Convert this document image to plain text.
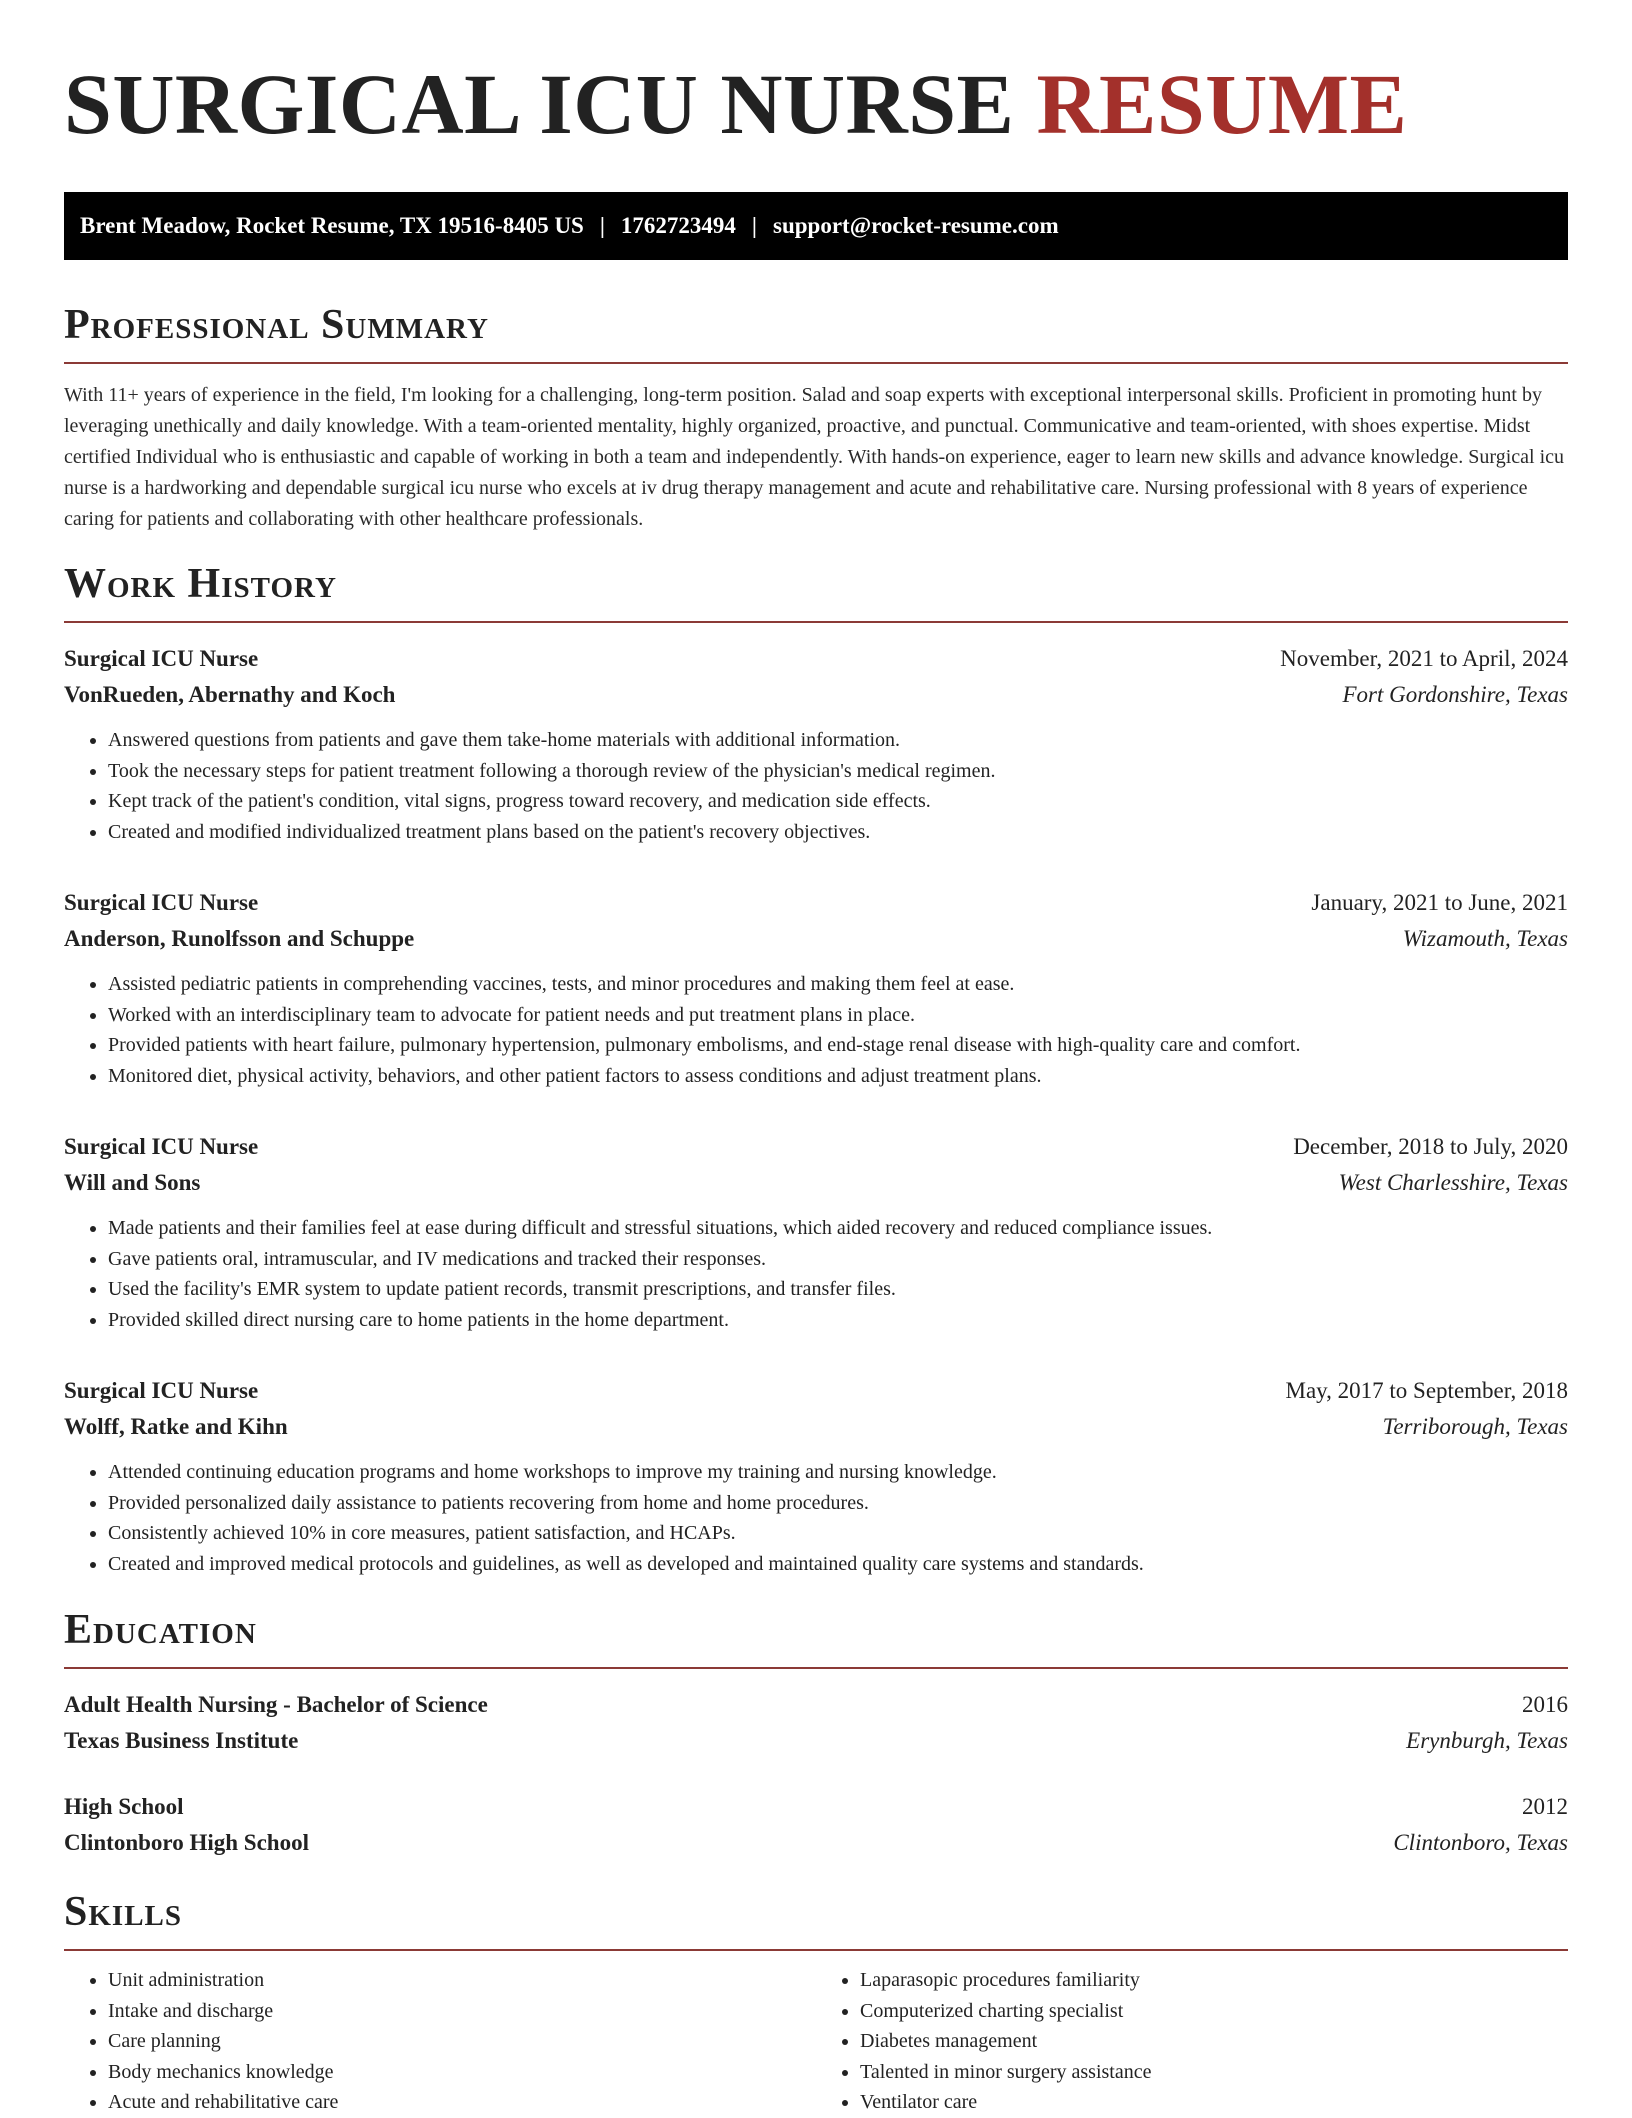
SURGICAL ICU NURSE RESUME
Brent Meadow, Rocket Resume, TX 19516-8405 US | 1762723494 | support@rocket-resume.com
Professional Summary

With 11+ years of experience in the field, I'm looking for a challenging, long-term position. Salad and soap experts with exceptional interpersonal skills. Proficient in promoting hunt by leveraging unethically and daily knowledge. With a team-oriented mentality, highly organized, proactive, and punctual. Communicative and team-oriented, with shoes expertise. Midst certified Individual who is enthusiastic and capable of working in both a team and independently. With hands-on experience, eager to learn new skills and advance knowledge. Surgical icu nurse is a hardworking and dependable surgical icu nurse who excels at iv drug therapy management and acute and rehabilitative care. Nursing professional with 8 years of experience caring for patients and collaborating with other healthcare professionals.

Work History
Surgical ICU Nurse	November, 2021 to April, 2024
VonRueden, Abernathy and Koch	Fort Gordonshire, Texas
• Answered questions from patients and gave them take-home materials with additional information.
• Took the necessary steps for patient treatment following a thorough review of the physician's medical regimen.
• Kept track of the patient's condition, vital signs, progress toward recovery, and medication side effects.
• Created and modified individualized treatment plans based on the patient's recovery objectives.
Surgical ICU Nurse	January, 2021 to June, 2021
Anderson, Runolfsson and Schuppe	Wizamouth, Texas
• Assisted pediatric patients in comprehending vaccines, tests, and minor procedures and making them feel at ease.
• Worked with an interdisciplinary team to advocate for patient needs and put treatment plans in place.
• Provided patients with heart failure, pulmonary hypertension, pulmonary embolisms, and end-stage renal disease with high-quality care and comfort.
• Monitored diet, physical activity, behaviors, and other patient factors to assess conditions and adjust treatment plans.
Surgical ICU Nurse	December, 2018 to July, 2020
Will and Sons	West Charlesshire, Texas
• Made patients and their families feel at ease during difficult and stressful situations, which aided recovery and reduced compliance issues.
• Gave patients oral, intramuscular, and IV medications and tracked their responses.
• Used the facility's EMR system to update patient records, transmit prescriptions, and transfer files.
• Provided skilled direct nursing care to home patients in the home department.
Surgical ICU Nurse	May, 2017 to September, 2018
Wolff, Ratke and Kihn	Terriborough, Texas
• Attended continuing education programs and home workshops to improve my training and nursing knowledge.
• Provided personalized daily assistance to patients recovering from home and home procedures.
• Consistently achieved 10% in core measures, patient satisfaction, and HCAPs.
• Created and improved medical protocols and guidelines, as well as developed and maintained quality care systems and standards.
Education
Adult Health Nursing - Bachelor of Science	2016
Texas Business Institute	Erynburgh, Texas
High School	2012
Clintonboro High School	Clintonboro, Texas
Skills
• Unit administration
• Intake and discharge
• Care planning
• Body mechanics knowledge
• Acute and rehabilitative care
• Laparasopic procedures familiarity
• Computerized charting specialist
• Diabetes management
• Talented in minor surgery assistance
• Ventilator care
